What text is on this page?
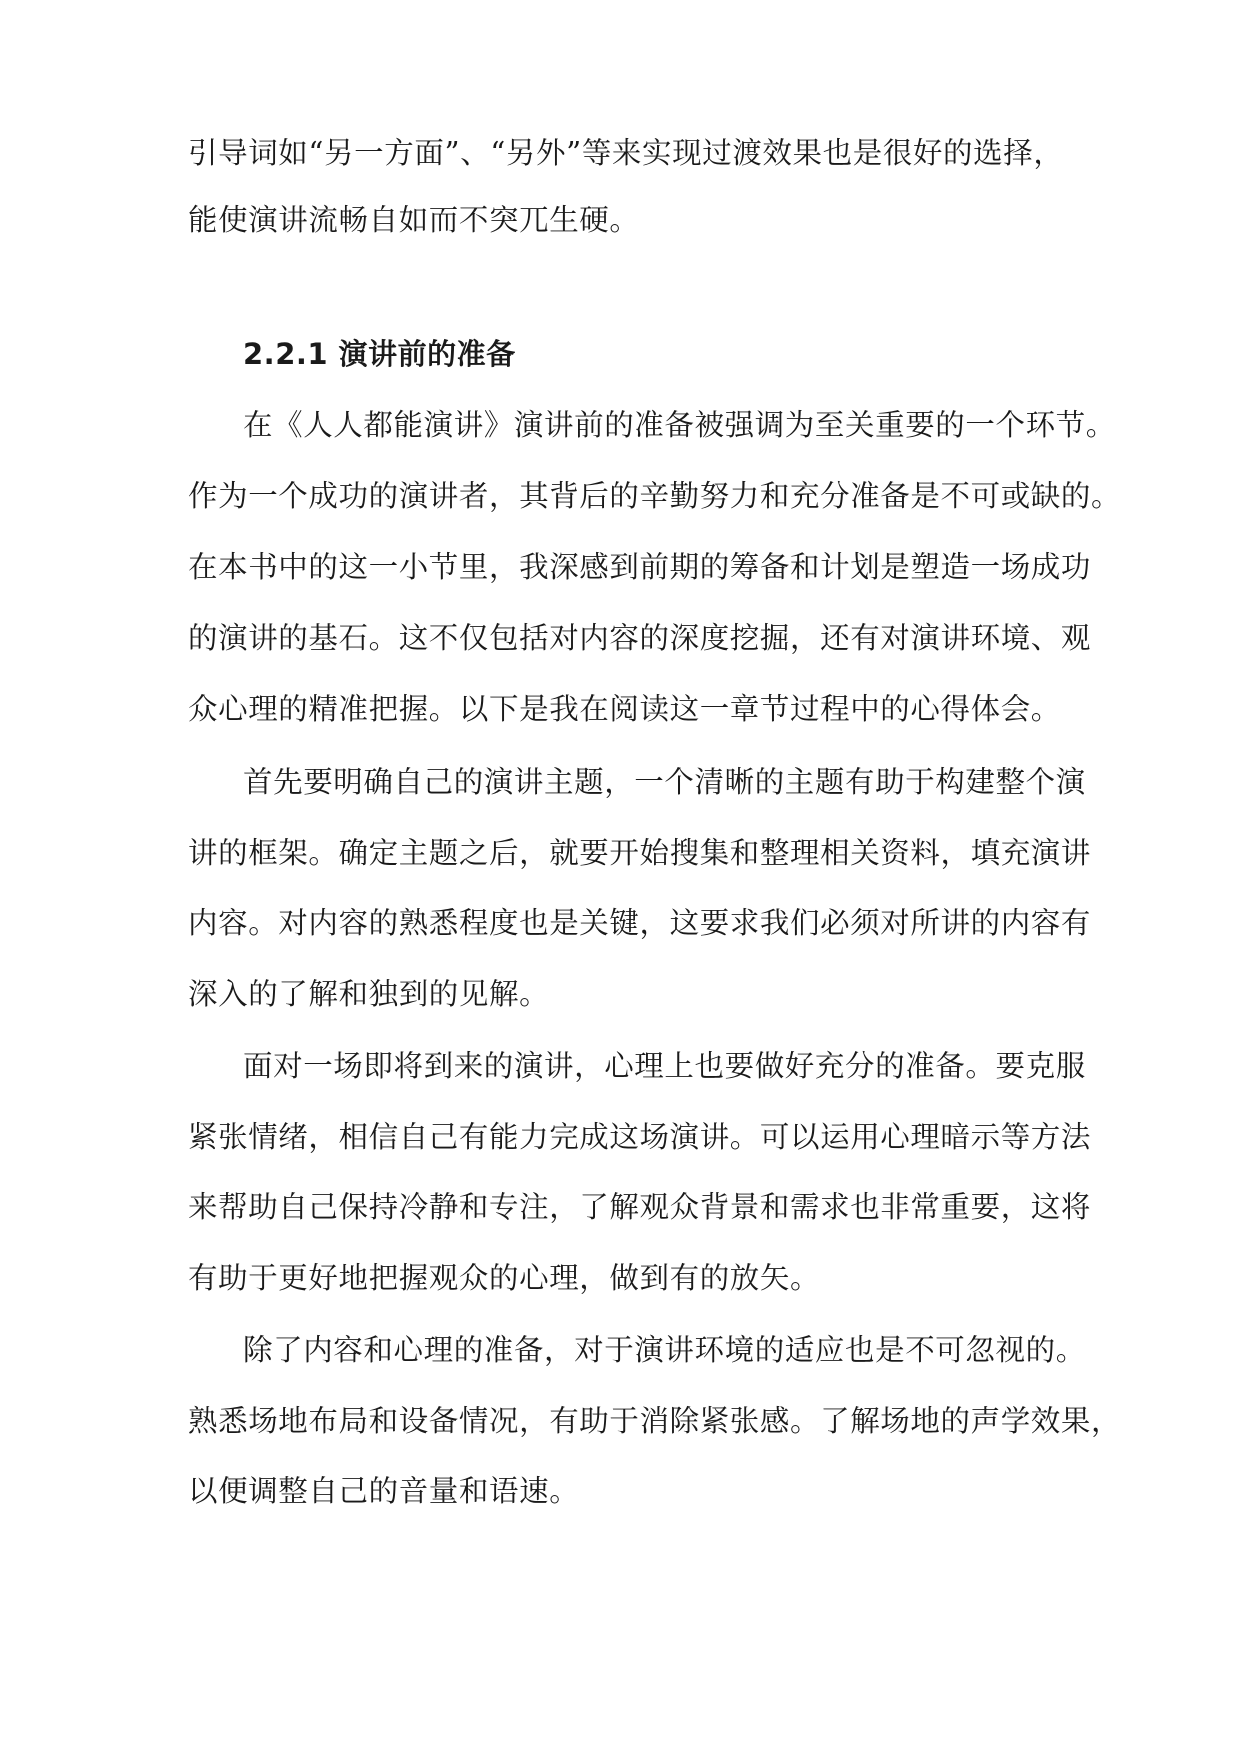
引导词如“另一方面”、“另外”等来实现过渡效果也是很好的选择，
能使演讲流畅自如而不突兀生硬。
2.2.1 演讲前的准备
在《人人都能演讲》演讲前的准备被强调为至关重要的一个环节。
作为一个成功的演讲者，其背后的辛勤努力和充分准备是不可或缺的。
在本书中的这一小节里，我深感到前期的筹备和计划是塑造一场成功
的演讲的基石。这不仅包括对内容的深度挖掘，还有对演讲环境、观
众心理的精准把握。以下是我在阅读这一章节过程中的心得体会。
首先要明确自己的演讲主题，一个清晰的主题有助于构建整个演
讲的框架。确定主题之后，就要开始搜集和整理相关资料，填充演讲
内容。对内容的熟悉程度也是关键，这要求我们必须对所讲的内容有
深入的了解和独到的见解。
面对一场即将到来的演讲，心理上也要做好充分的准备。要克服
紧张情绪，相信自己有能力完成这场演讲。可以运用心理暗示等方法
来帮助自己保持冷静和专注，了解观众背景和需求也非常重要，这将
有助于更好地把握观众的心理，做到有的放矢。
除了内容和心理的准备，对于演讲环境的适应也是不可忽视的。
熟悉场地布局和设备情况，有助于消除紧张感。了解场地的声学效果，
以便调整自己的音量和语速。
